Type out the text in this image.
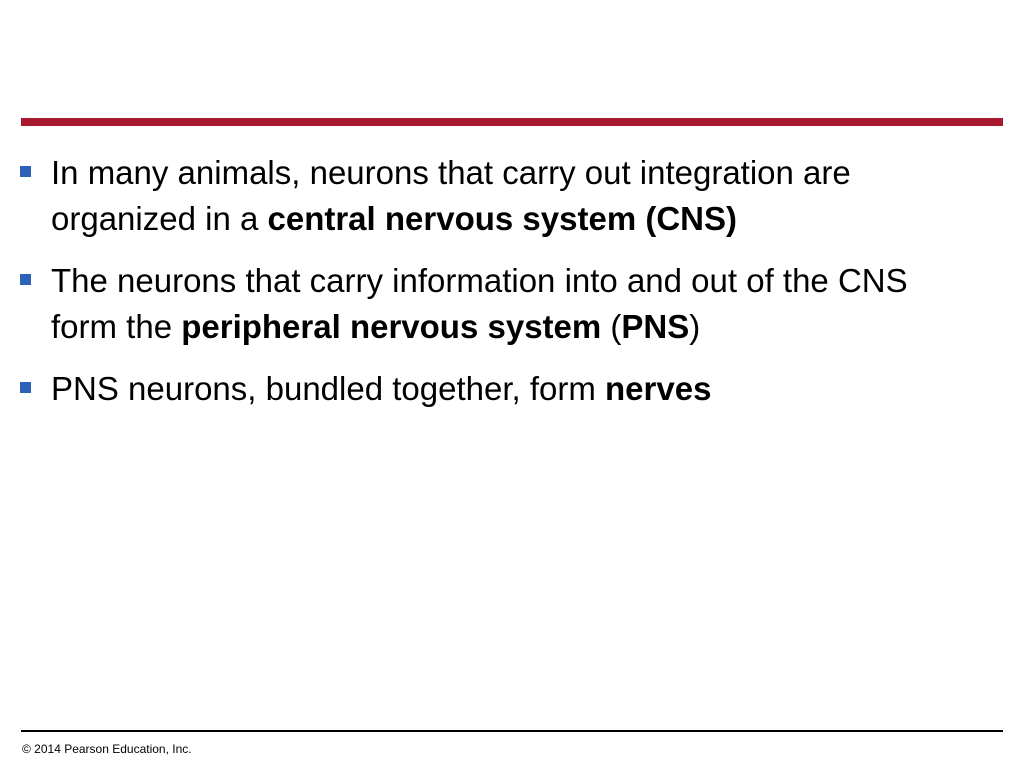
In many animals, neurons that carry out integration are organized in a central nervous system (CNS)
The neurons that carry information into and out of the CNS form the peripheral nervous system (PNS)
PNS neurons, bundled together, form nerves
© 2014 Pearson Education, Inc.
